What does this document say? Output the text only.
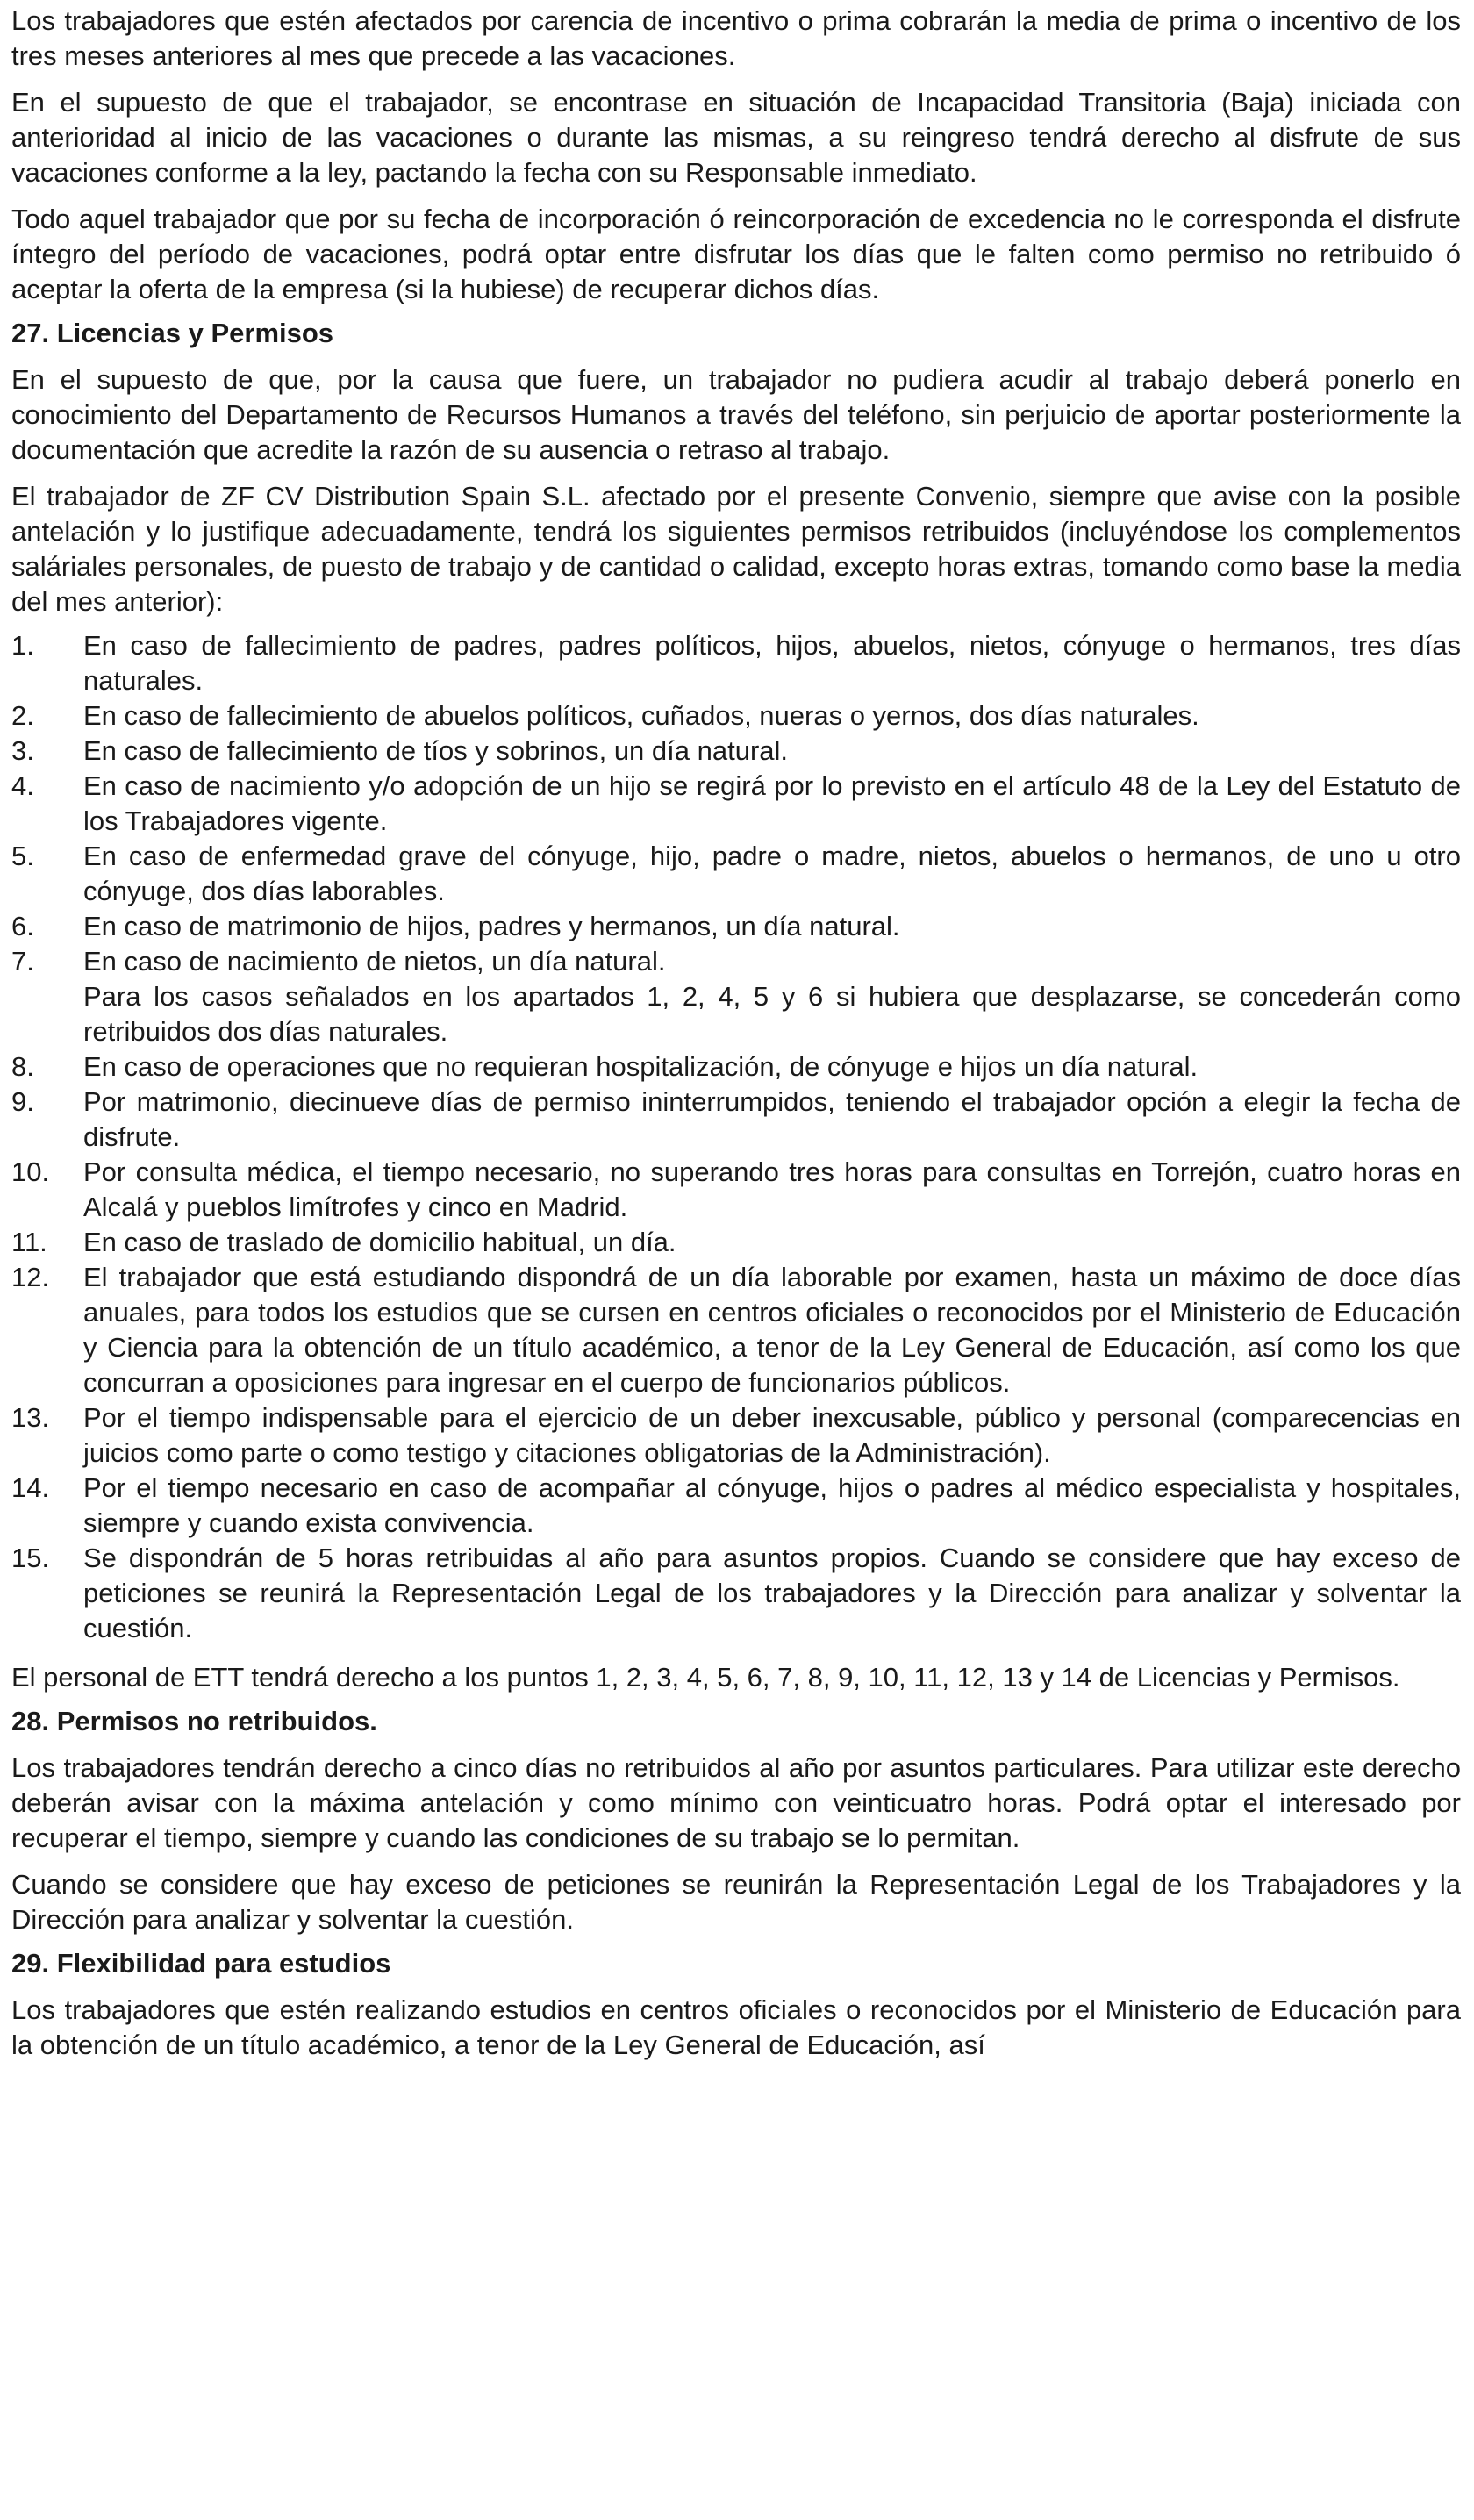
Los trabajadores que estén afectados por carencia de incentivo o prima cobrarán la media de prima o incentivo de los tres meses anteriores al mes que precede a las vacaciones.

En el supuesto de que el trabajador, se encontrase en situación de Incapacidad Transitoria (Baja) iniciada con anterioridad al inicio de las vacaciones o durante las mismas, a su reingreso tendrá derecho al disfrute de sus vacaciones conforme a la ley, pactando la fecha con su Responsable inmediato.

Todo aquel trabajador que por su fecha de incorporación ó reincorporación de excedencia no le corresponda el disfrute íntegro del período de vacaciones, podrá optar entre disfrutar los días que le falten como permiso no retribuido ó aceptar la oferta de la empresa (si la hubiese) de recuperar dichos días.

27. Licencias y Permisos

En el supuesto de que, por la causa que fuere, un trabajador no pudiera acudir al trabajo deberá ponerlo en conocimiento del Departamento de Recursos Humanos a través del teléfono, sin perjuicio de aportar posteriormente la documentación que acredite la razón de su ausencia o retraso al trabajo.

El trabajador de ZF CV Distribution Spain S.L. afectado por el presente Convenio, siempre que avise con la posible antelación y lo justifique adecuadamente, tendrá los siguientes permisos retribuidos (incluyéndose los complementos saláriales personales, de puesto de trabajo y de cantidad o calidad, excepto horas extras, tomando como base la media del mes anterior):

1.	En caso de fallecimiento de padres, padres políticos, hijos, abuelos, nietos, cónyuge o hermanos, tres días naturales.
2.	En caso de fallecimiento de abuelos políticos, cuñados, nueras o yernos, dos días naturales.
3.	En caso de fallecimiento de tíos y sobrinos, un día natural.
4.	En caso de nacimiento y/o adopción de un hijo se regirá por lo previsto en el artículo 48 de la Ley del Estatuto de los Trabajadores vigente.
5.	En caso de enfermedad grave del cónyuge, hijo, padre o madre, nietos, abuelos o hermanos, de uno u otro cónyuge, dos días laborables.
6.	En caso de matrimonio de hijos, padres y hermanos, un día natural.
7.	En caso de nacimiento de nietos, un día natural.
Para los casos señalados en los apartados 1, 2, 4, 5 y 6 si hubiera que desplazarse, se concederán como retribuidos dos días naturales.
8.	En caso de operaciones que no requieran hospitalización, de cónyuge e hijos un día natural.
9.	Por matrimonio, diecinueve días de permiso ininterrumpidos, teniendo el trabajador opción a elegir la fecha de disfrute.
10.	Por consulta médica, el tiempo necesario, no superando tres horas para consultas en Torrejón, cuatro horas en Alcalá y pueblos limítrofes y cinco en Madrid.
11.	En caso de traslado de domicilio habitual, un día.
12.	El trabajador que está estudiando dispondrá de un día laborable por examen, hasta un máximo de doce días anuales, para todos los estudios que se cursen en centros oficiales o reconocidos por el Ministerio de Educación y Ciencia para la obtención de un título académico, a tenor de la Ley General de Educación, así como los que concurran a oposiciones para ingresar en el cuerpo de funcionarios públicos.
13.	Por el tiempo indispensable para el ejercicio de un deber inexcusable, público y personal (comparecencias en juicios como parte o como testigo y citaciones obligatorias de la Administración).
14.	Por el tiempo necesario en caso de acompañar al cónyuge, hijos o padres al médico especialista y hospitales, siempre y cuando exista convivencia.
15.	Se dispondrán de 5 horas retribuidas al año para asuntos propios. Cuando se considere que hay exceso de peticiones se reunirá la Representación Legal de los trabajadores y la Dirección para analizar y solventar la cuestión.

El personal de ETT tendrá derecho a los puntos 1, 2, 3, 4, 5, 6, 7, 8, 9, 10, 11, 12, 13 y 14 de Licencias y Permisos.

28. Permisos no retribuidos.

Los trabajadores tendrán derecho a cinco días no retribuidos al año por asuntos particulares. Para utilizar este derecho deberán avisar con la máxima antelación y como mínimo con veinticuatro horas. Podrá optar el interesado por recuperar el tiempo, siempre y cuando las condiciones de su trabajo se lo permitan.

Cuando se considere que hay exceso de peticiones se reunirán la Representación Legal de los Trabajadores y la Dirección para analizar y solventar la cuestión.

29. Flexibilidad para estudios

Los trabajadores que estén realizando estudios en centros oficiales o reconocidos por el Ministerio de Educación para la obtención de un título académico, a tenor de la Ley General de Educación, así
